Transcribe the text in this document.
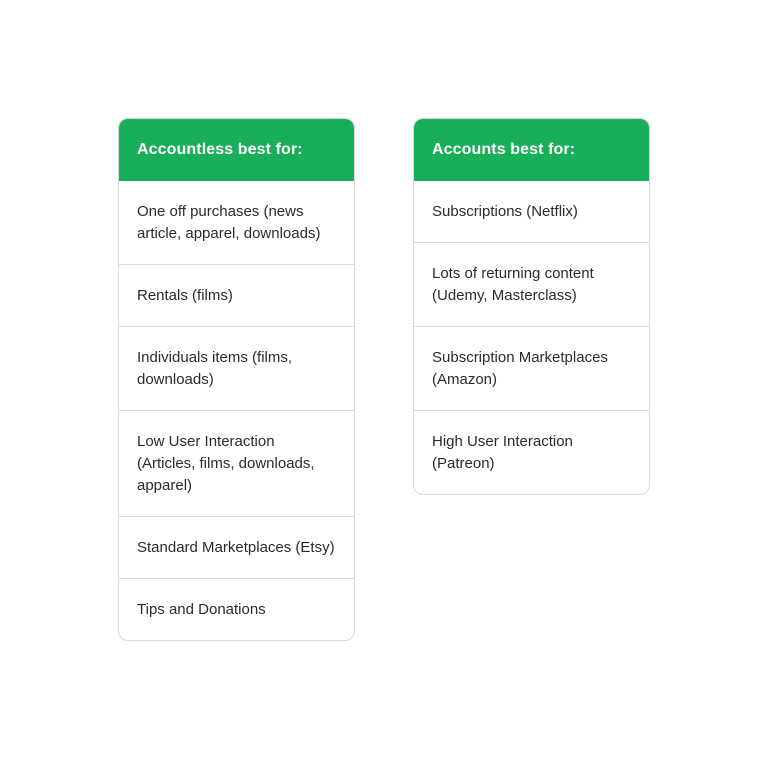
Accountless best for:
One off purchases (news article, apparel, downloads)
Rentals (films)
Individuals items (films, downloads)
Low User Interaction (Articles, films, downloads, apparel)
Standard Marketplaces (Etsy)
Tips and Donations
Accounts best for:
Subscriptions (Netflix)
Lots of returning content (Udemy, Masterclass)
Subscription Marketplaces (Amazon)
High User Interaction (Patreon)
